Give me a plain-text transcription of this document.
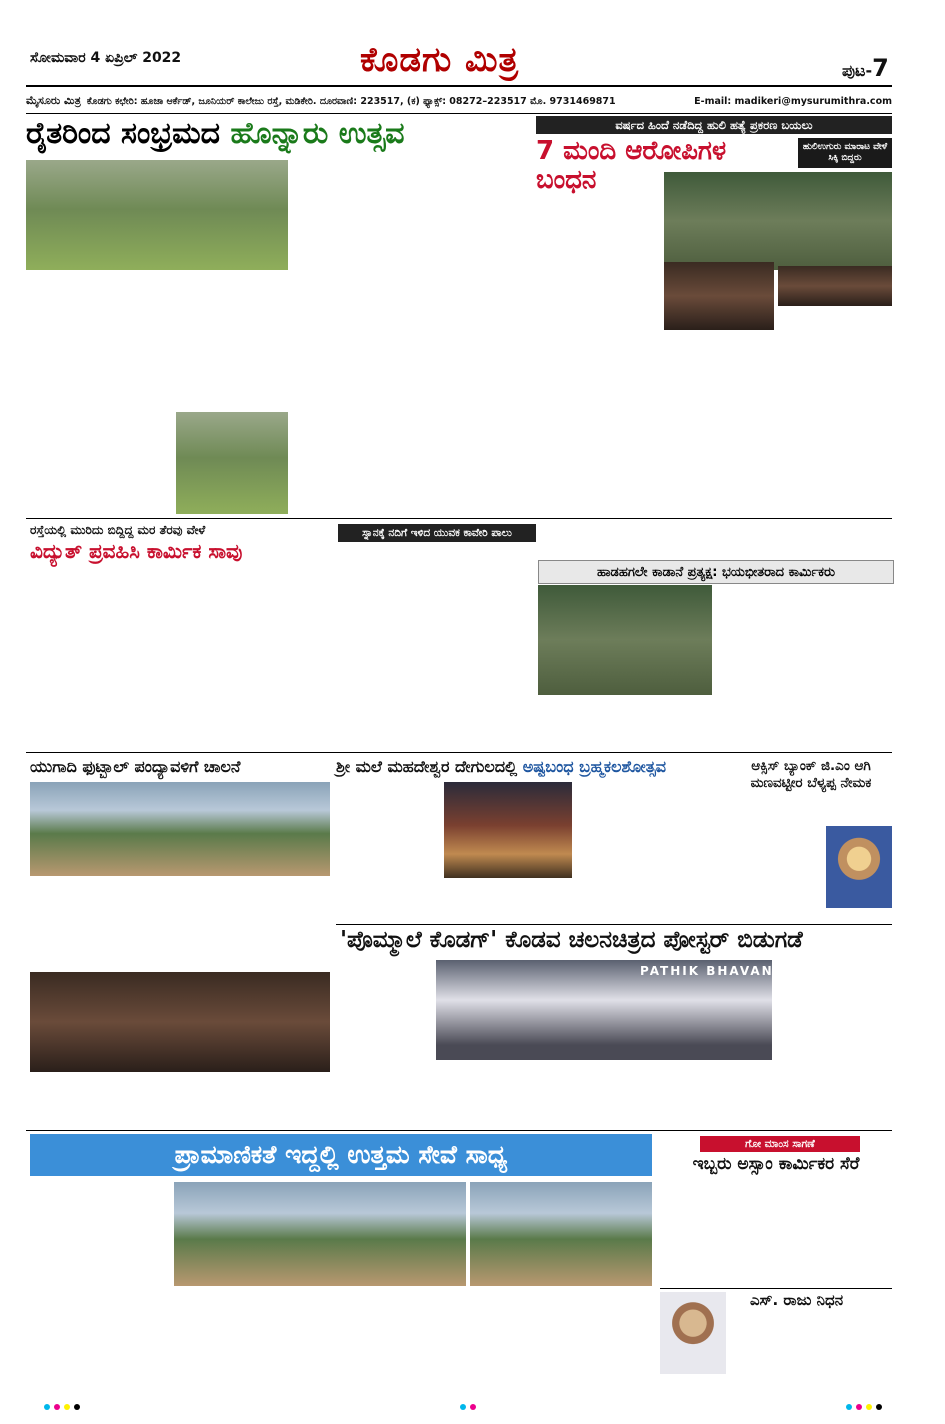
ಸೋಮವಾರ 4 ಏಪ್ರಿಲ್ 2022	ಕೊಡಗು ಮಿತ್ರ	ಪುಟ-7
ಮೈಸೂರು ಮಿತ್ರ ಕೊಡಗು ಕಛೇರಿ: ಹೂಜಾ ಆರ್ಕೆಡ್, ಜೂನಿಯರ್ ಕಾಲೇಜು ರಸ್ತೆ, ಮಡಿಕೇರಿ. ದೂರವಾಣಿ: 223517, (ಕ) ಫ್ಯಾಕ್ಸ್: 08272–223517 ಮೊ. 9731469871	E-mail: madikeri@mysurumithra.com
ರೈತರಿಂದ ಸಂಭ್ರಮದ ಹೊನ್ನಾರು ಉತ್ಸವ

	ವರ್ಷದ ಹಿಂದೆ ನಡೆದಿದ್ದ ಹುಲಿ ಹತ್ಯೆ ಪ್ರಕರಣ ಬಯಲು
7 ಮಂದಿ ಆರೋಪಿಗಳ ಬಂಧನ
ಹುಲಿಉಗುರು ಮಾರಾಟ ವೇಳೆ ಸಿಕ್ಕಿ ಬಿದ್ದರು

ರಸ್ತೆಯಲ್ಲಿ ಮುರಿದು ಬಿದ್ದಿದ್ದ ಮರ ತೆರವು ವೇಳೆ
ವಿದ್ಯುತ್ ಪ್ರವಹಿಸಿ ಕಾರ್ಮಿಕ ಸಾವು

ಸ್ನಾನಕ್ಕೆ ನದಿಗೆ ಇಳಿದ ಯುವಕ ಕಾವೇರಿ ಪಾಲು

ಹಾಡಹಗಲೇ ಕಾಡಾನೆ ಪ್ರತ್ಯಕ್ಷ: ಭಯಭೀತರಾದ ಕಾರ್ಮಿಕರು

ಯುಗಾದಿ ಫುಟ್ಬಾಲ್ ಪಂದ್ಯಾವಳಿಗೆ ಚಾಲನೆ

	ಶ್ರೀ ಮಲೆ ಮಹದೇಶ್ವರ ದೇಗುಲದಲ್ಲಿ ಅಷ್ಟಬಂಧ ಬ್ರಹ್ಮಕಲಶೋತ್ಸವ

	ಆಕ್ಸಿಸ್ ಬ್ಯಾಂಕ್ ಜಿ.ಎಂ ಆಗಿ ಮಣವಟ್ಟೀರ ಬೆಳ್ಯಪ್ಪ ನೇಮಕ

'ಪೊಮ್ಮಾಲೆ ಕೊಡಗ್' ಕೊಡವ ಚಲನಚಿತ್ರದ ಪೋಸ್ಟರ್ ಬಿಡುಗಡೆ

PATHIK BHAVAN

ಪ್ರಾಮಾಣಿಕತೆ ಇದ್ದಲ್ಲಿ ಉತ್ತಮ ಸೇವೆ ಸಾಧ್ಯ

	ಗೋ ಮಾಂಸ ಸಾಗಣೆ
ಇಬ್ಬರು ಅಸ್ಸಾಂ ಕಾರ್ಮಿಕರ ಸೆರೆ

ಎಸ್. ರಾಜು ನಿಧನ
